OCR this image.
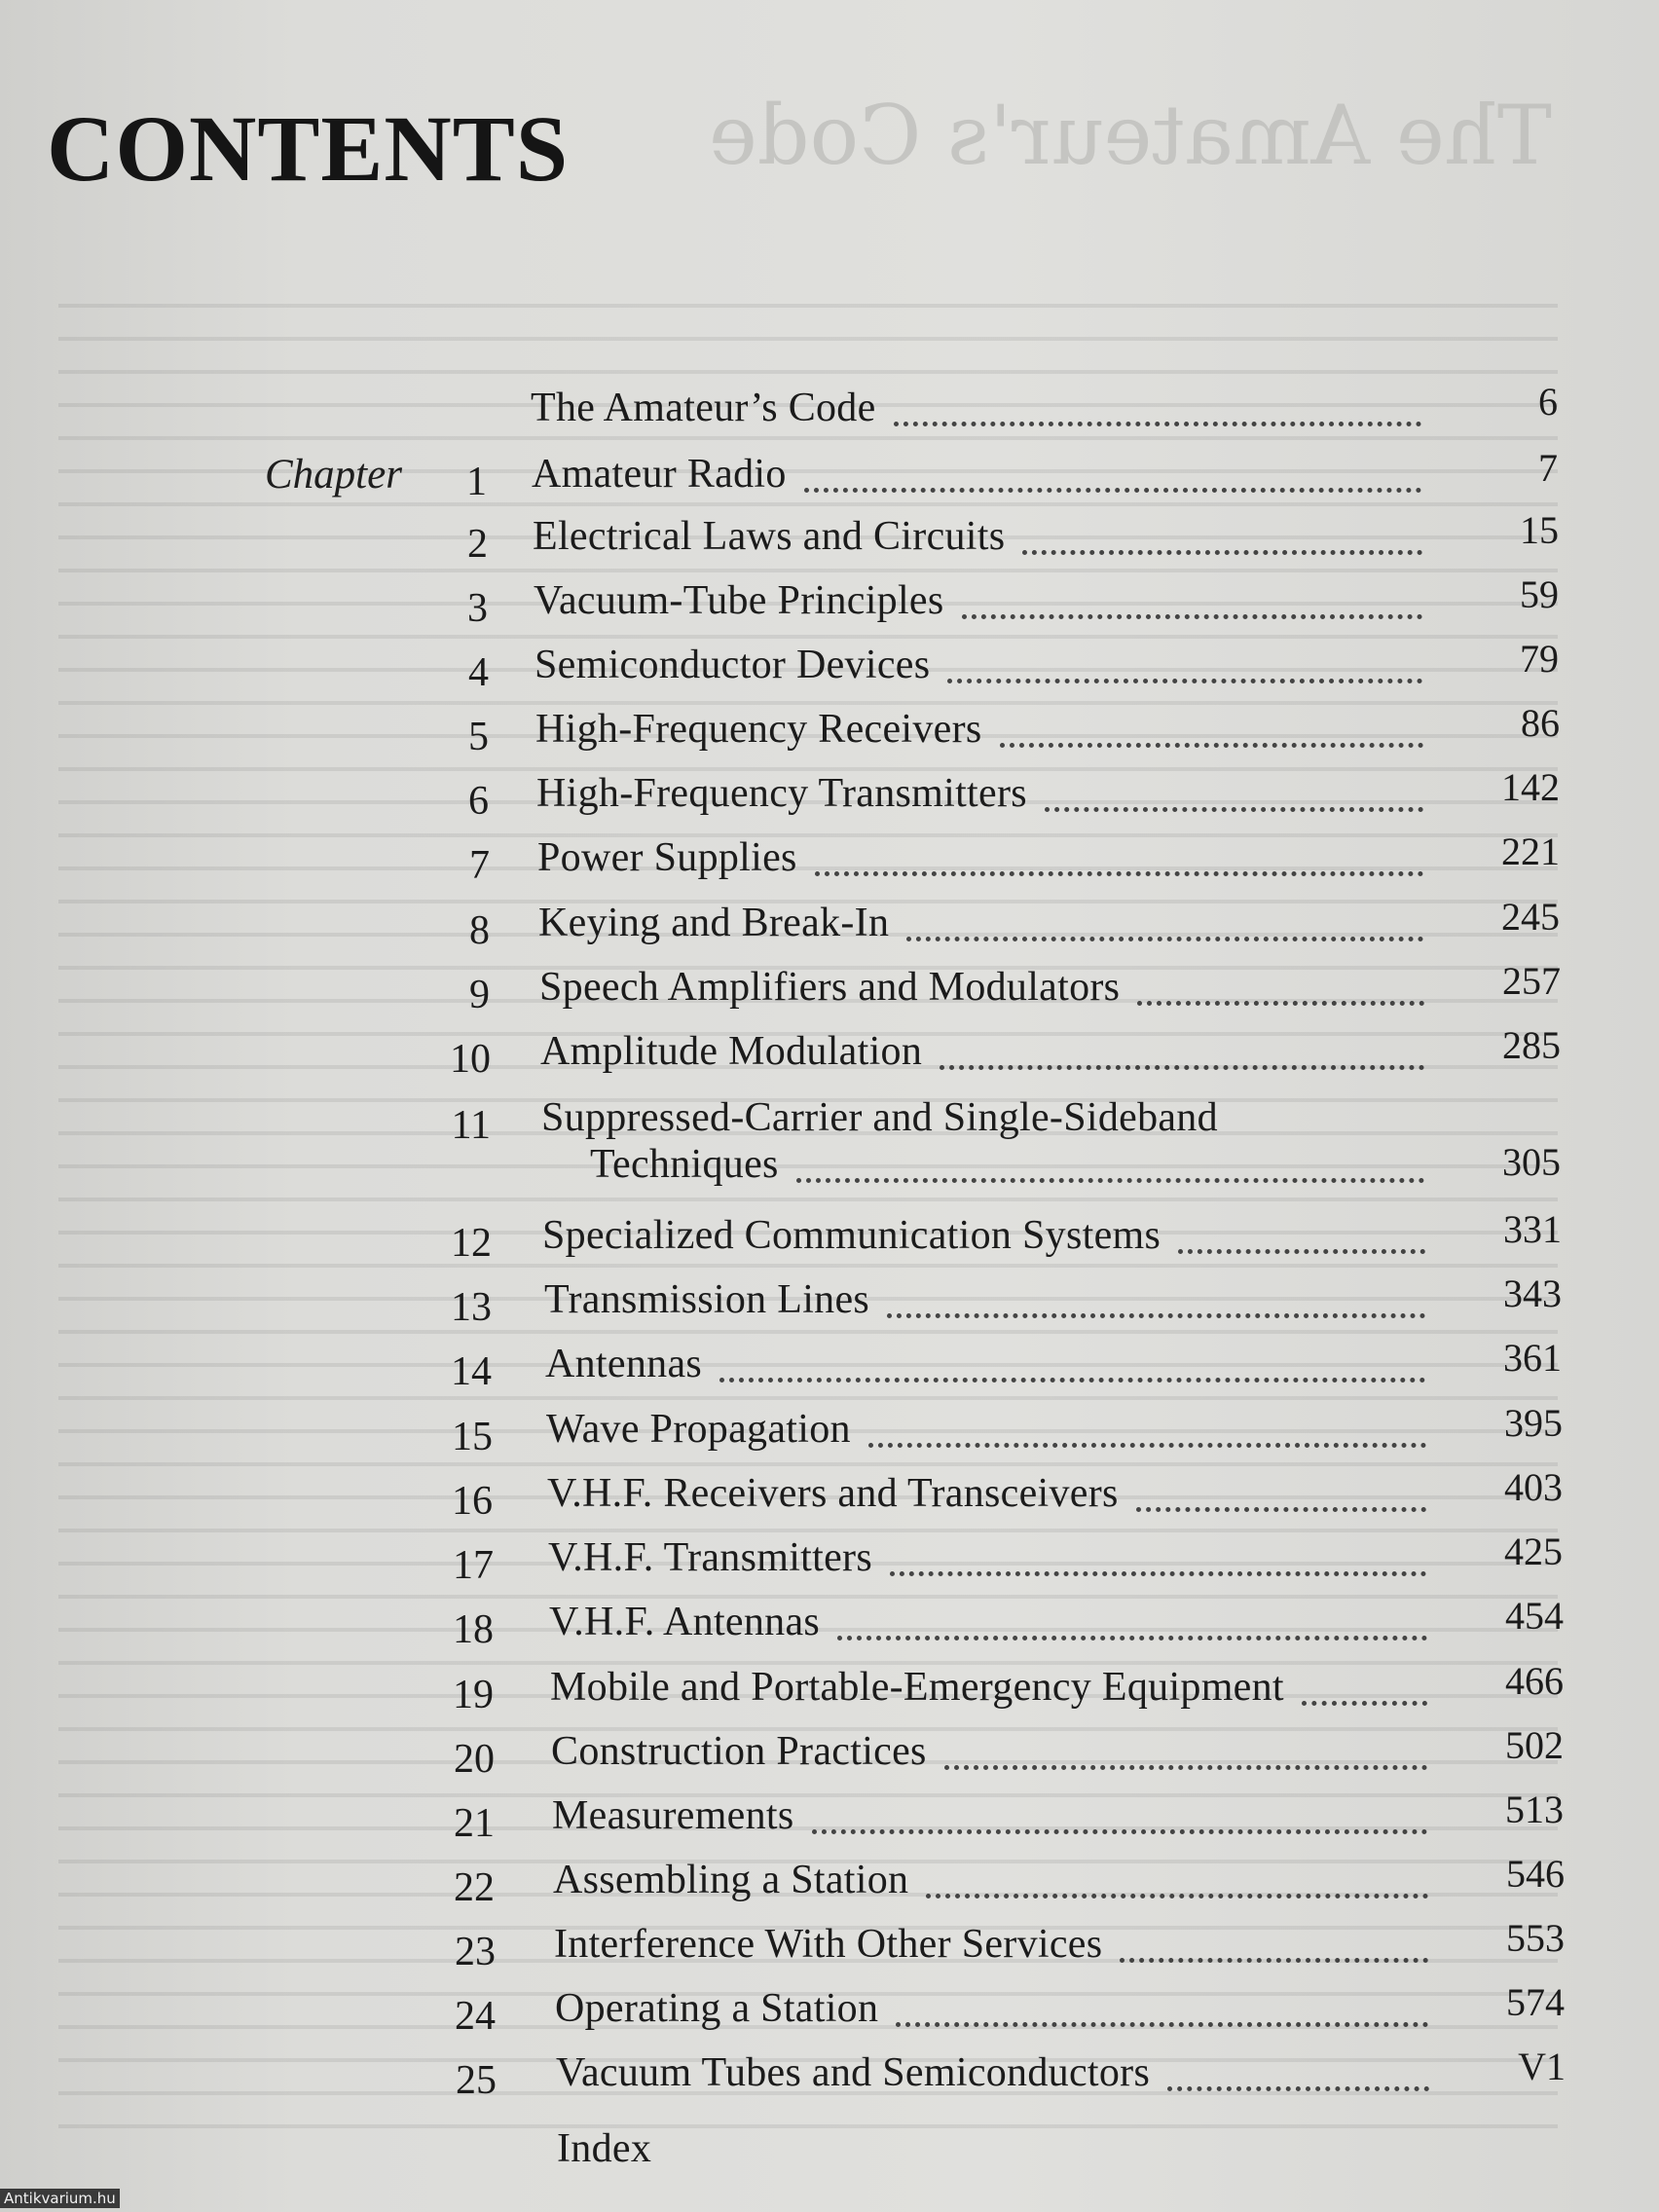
The Amateur's Code
CONTENTS
Chapter
The Amateur’s Code	6
1 Amateur Radio	7
2 Electrical Laws and Circuits	15
3 Vacuum-Tube Principles	59
4 Semiconductor Devices	79
5 High-Frequency Receivers	86
6 High-Frequency Transmitters	142
7 Power Supplies	221
8 Keying and Break-In	245
9 Speech Amplifiers and Modulators	257
10 Amplitude Modulation	285
11 Suppressed-Carrier and Single-Sideband
Techniques	305
12 Specialized Communication Systems	331
13 Transmission Lines	343
14 Antennas	361
15 Wave Propagation	395
16 V.H.F. Receivers and Transceivers	403
17 V.H.F. Transmitters	425
18 V.H.F. Antennas	454
19 Mobile and Portable-Emergency Equipment	466
20 Construction Practices	502
21 Measurements	513
22 Assembling a Station	546
23 Interference With Other Services	553
24 Operating a Station	574
25 Vacuum Tubes and Semiconductors	V1
Index
Antikvarium.hu
